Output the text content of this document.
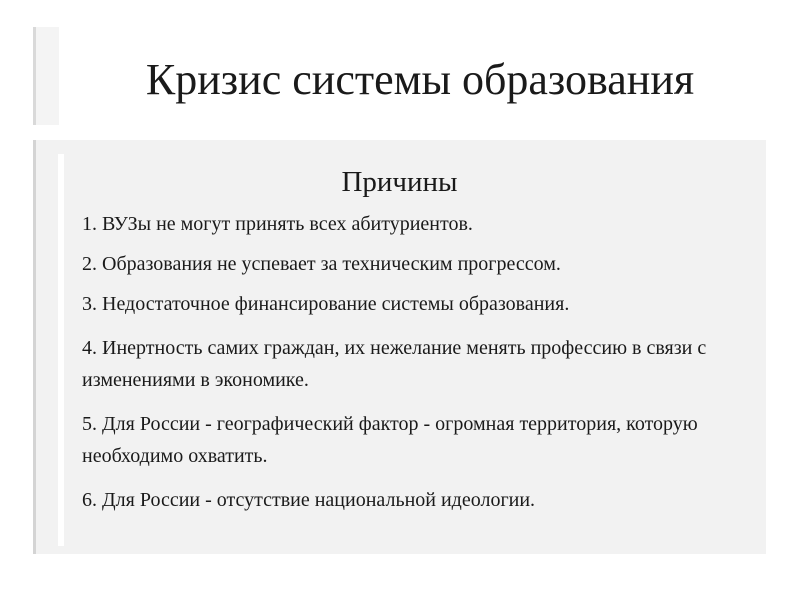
Кризис системы образования
Причины
1. ВУЗы не могут принять всех абитуриентов.
2. Образования не успевает за техническим прогрессом.
3. Недостаточное финансирование системы образования.
4. Инертность самих граждан, их нежелание менять профессию в связи с изменениями в экономике.
5. Для России - географический фактор - огромная территория, которую необходимо охватить.
6. Для России - отсутствие национальной идеологии.
